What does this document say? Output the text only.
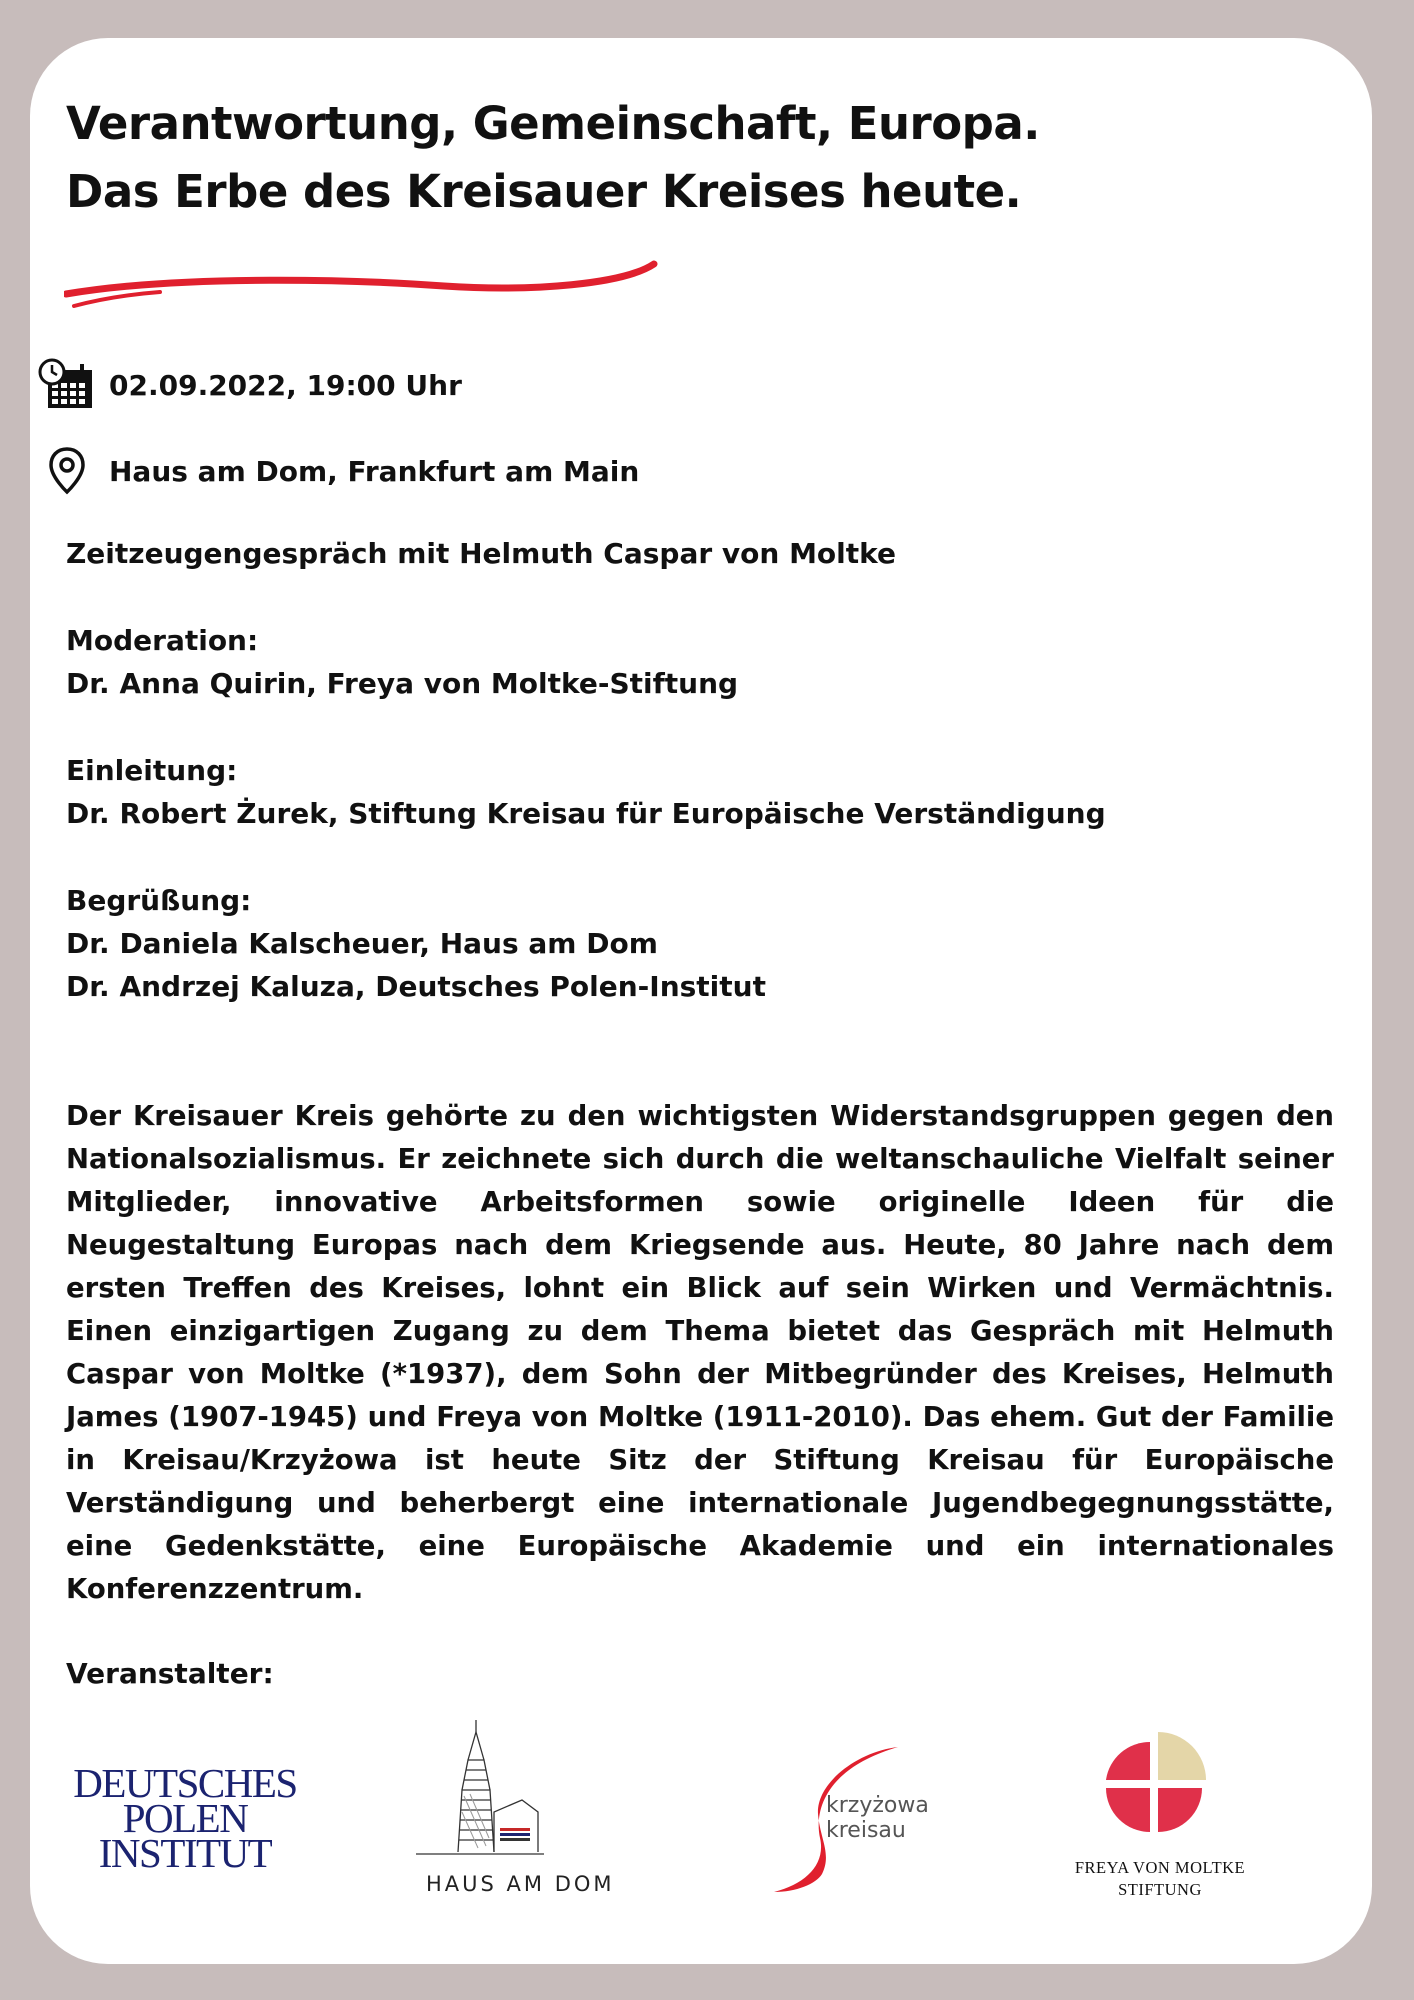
Verantwortung, Gemeinschaft, Europa.
Das Erbe des Kreisauer Kreises heute.
02.09.2022, 19:00 Uhr
Haus am Dom, Frankfurt am Main
Zeitzeugengespräch mit Helmuth Caspar von Moltke
Moderation:
Dr. Anna Quirin, Freya von Moltke-Stiftung
Einleitung:
Dr. Robert Żurek, Stiftung Kreisau für Europäische Verständigung
Begrüßung:
Dr. Daniela Kalscheuer, Haus am Dom
Dr. Andrzej Kaluza, Deutsches Polen-Institut

Der Kreisauer Kreis gehörte zu den wichtigsten Widerstandsgruppen gegen den Nationalsozialismus. Er zeichnete sich durch die weltanschauliche Vielfalt seiner Mitglieder, innovative Arbeitsformen sowie originelle Ideen für die Neugestaltung Europas nach dem Kriegsende aus. Heute, 80 Jahre nach dem ersten Treffen des Kreises, lohnt ein Blick auf sein Wirken und Vermächtnis. Einen einzigartigen Zugang zu dem Thema bietet das Gespräch mit Helmuth Caspar von Moltke (*1937), dem Sohn der Mitbegründer des Kreises, Helmuth James (1907-1945) und Freya von Moltke (1911-2010). Das ehem. Gut der Familie in Kreisau/Krzyżowa ist heute Sitz der Stiftung Kreisau für Europäische Verständigung und beherbergt eine internationale Jugendbegegnungsstätte, eine Gedenkstätte, eine Europäische Akademie und ein internationales Konferenzzentrum.

Veranstalter:
DEUTSCHES
POLEN
INSTITUT
HAUS AM DOM
krzyżowa
kreisau
FREYA VON MOLTKE
STIFTUNG
